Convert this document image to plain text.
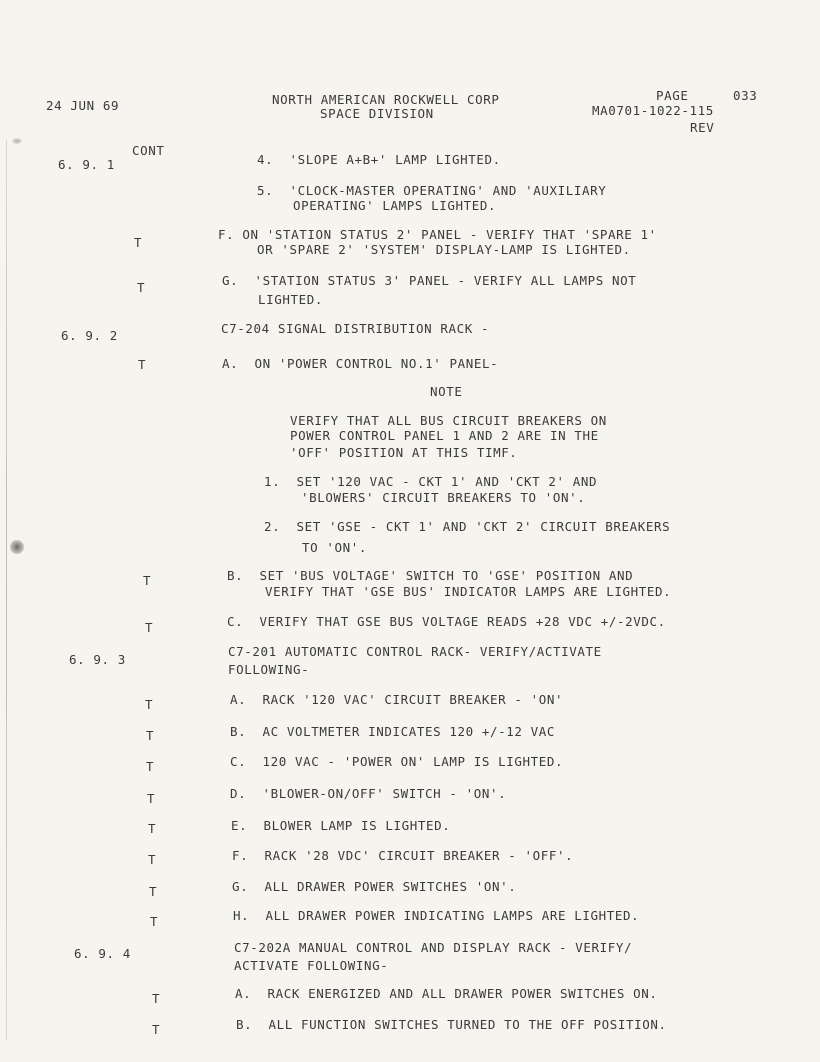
24 JUN 69	NORTH AMERICAN ROCKWELL CORP
SPACE DIVISION
PAGE	033
MA0701-1022-115
REV
CONT
6. 9. 1	4.  'SLOPE A+B+' LAMP LIGHTED.
5.  'CLOCK-MASTER OPERATING' AND 'AUXILIARY
OPERATING' LAMPS LIGHTED.
T
F. ON 'STATION STATUS 2' PANEL - VERIFY THAT 'SPARE 1'
OR 'SPARE 2' 'SYSTEM' DISPLAY-LAMP IS LIGHTED.
T	G.  'STATION STATUS 3' PANEL - VERIFY ALL LAMPS NOT
LIGHTED.
6. 9. 2	C7-204 SIGNAL DISTRIBUTION RACK -
T	A.  ON 'POWER CONTROL NO.1' PANEL-
NOTE
VERIFY THAT ALL BUS CIRCUIT BREAKERS ON
POWER CONTROL PANEL 1 AND 2 ARE IN THE
'OFF' POSITION AT THIS TIMF.
1.  SET '120 VAC - CKT 1' AND 'CKT 2' AND
'BLOWERS' CIRCUIT BREAKERS TO 'ON'.
2.  SET 'GSE - CKT 1' AND 'CKT 2' CIRCUIT BREAKERS
TO 'ON'.
T	B.  SET 'BUS VOLTAGE' SWITCH TO 'GSE' POSITION AND
VERIFY THAT 'GSE BUS' INDICATOR LAMPS ARE LIGHTED.
T	C.  VERIFY THAT GSE BUS VOLTAGE READS +28 VDC +/-2VDC.
6. 9. 3
C7-201 AUTOMATIC CONTROL RACK- VERIFY/ACTIVATE
FOLLOWING-
T	A.  RACK '120 VAC' CIRCUIT BREAKER - 'ON'
T	B.  AC VOLTMETER INDICATES 120 +/-12 VAC
T	C.  120 VAC - 'POWER ON' LAMP IS LIGHTED.
T	D.  'BLOWER-ON/OFF' SWITCH - 'ON'.
T	E.  BLOWER LAMP IS LIGHTED.
T	F.  RACK '28 VDC' CIRCUIT BREAKER - 'OFF'.
T	G.  ALL DRAWER POWER SWITCHES 'ON'.
T	H.  ALL DRAWER POWER INDICATING LAMPS ARE LIGHTED.
6. 9. 4	C7-202A MANUAL CONTROL AND DISPLAY RACK - VERIFY/
ACTIVATE FOLLOWING-
T	A.  RACK ENERGIZED AND ALL DRAWER POWER SWITCHES ON.
T	B.  ALL FUNCTION SWITCHES TURNED TO THE OFF POSITION.
